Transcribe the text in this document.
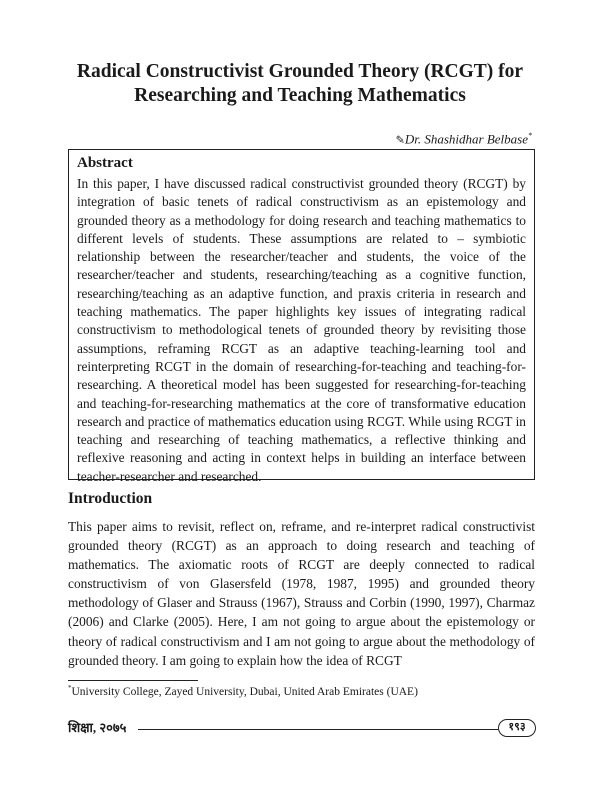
Radical Constructivist Grounded Theory (RCGT) for
Researching and Teaching Mathematics
✎Dr. Shashidhar Belbase*
Abstract

In this paper, I have discussed radical constructivist grounded theory (RCGT) by integration of basic tenets of radical constructivism as an epistemology and grounded theory as a methodology for doing research and teaching mathematics to different levels of students. These assumptions are related to – symbiotic relationship between the researcher/teacher and students, the voice of the researcher/teacher and students, researching/teaching as a cognitive function, researching/teaching as an adaptive function, and praxis criteria in research and teaching mathematics. The paper highlights key issues of integrating radical constructivism to methodological tenets of grounded theory by revisiting those assumptions, reframing RCGT as an adaptive teaching-learning tool and reinterpreting RCGT in the domain of researching-for-teaching and teaching-for-researching. A theoretical model has been suggested for researching-for-teaching and teaching-for-researching mathematics at the core of transformative education research and practice of mathematics education using RCGT. While using RCGT in teaching and researching of teaching mathematics, a reflective thinking and reflexive reasoning and acting in context helps in building an interface between teacher-researcher and researched.

Introduction

This paper aims to revisit, reflect on, reframe, and re-interpret radical constructivist grounded theory (RCGT) as an approach to doing research and teaching of mathematics. The axiomatic roots of RCGT are deeply connected to radical constructivism of von Glasersfeld (1978, 1987, 1995) and grounded theory methodology of Glaser and Strauss (1967), Strauss and Corbin (1990, 1997), Charmaz (2006) and Clarke (2005). Here, I am not going to argue about the epistemology or theory of radical constructivism and I am not going to argue about the methodology of grounded theory. I am going to explain how the idea of RCGT

*University College, Zayed University, Dubai, United Arab Emirates (UAE)
शिक्षा, २०७५	१९३
